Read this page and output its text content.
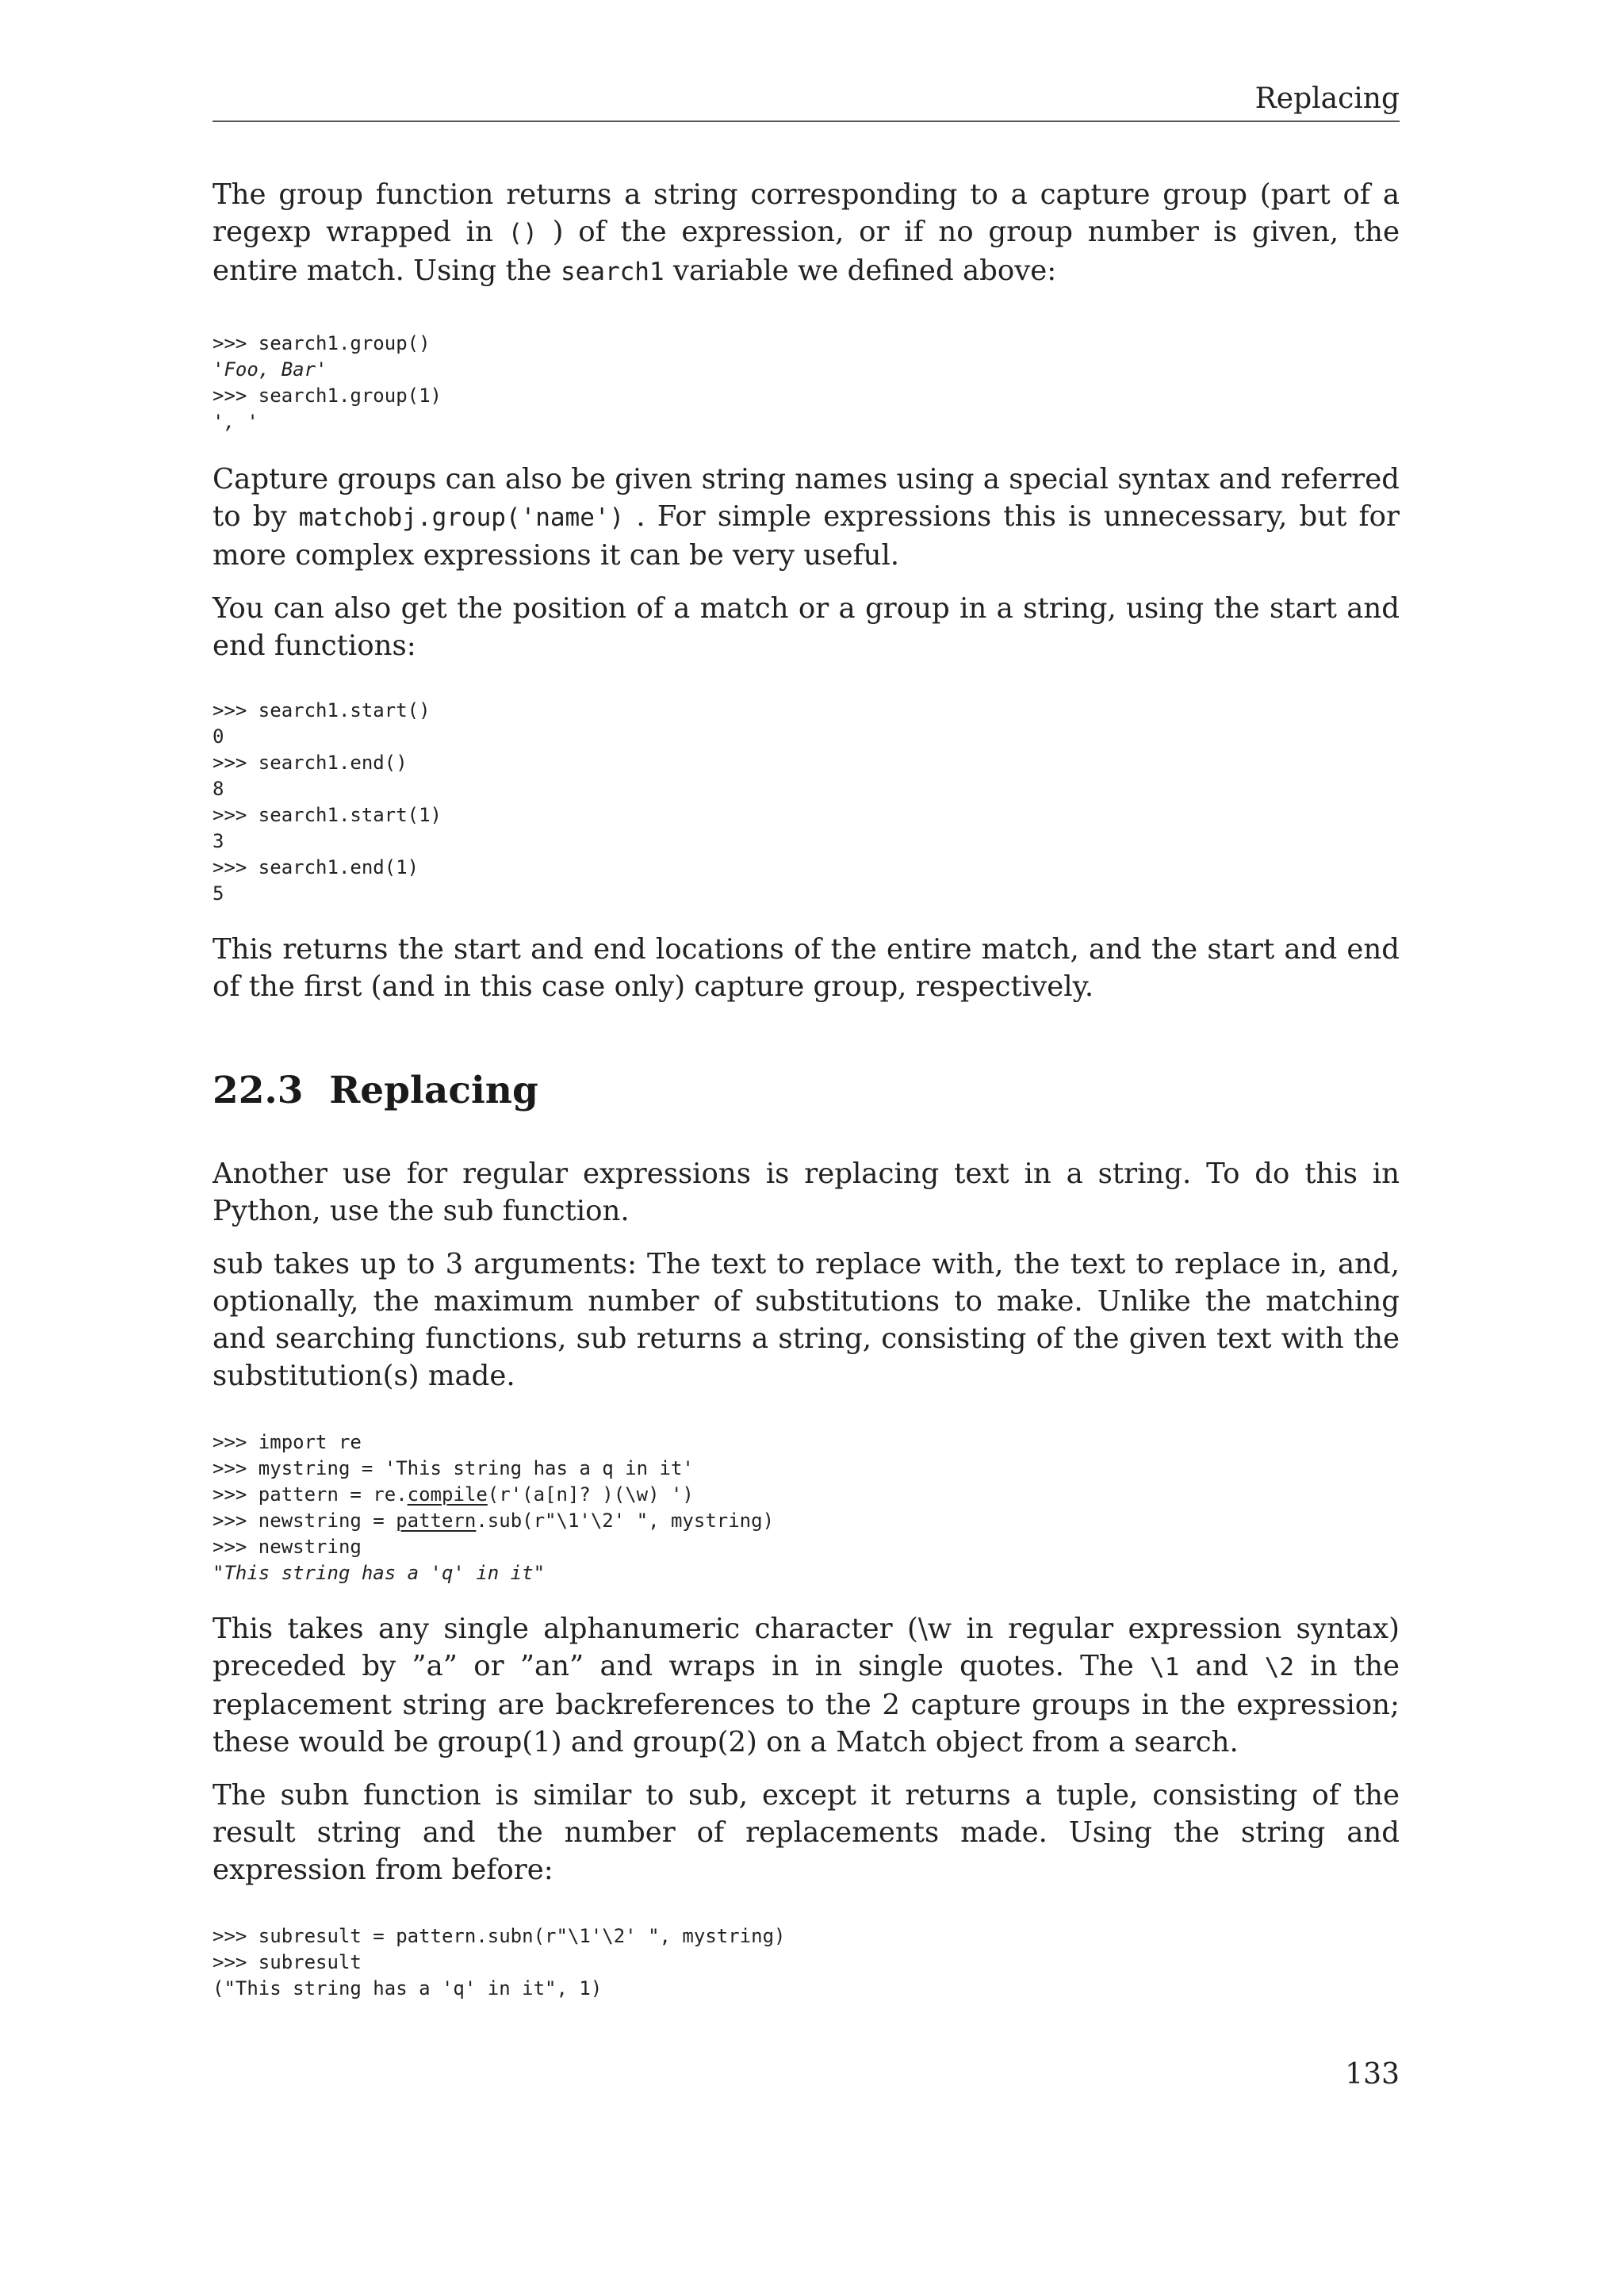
Replacing

The group function returns a string corresponding to a capture group (part of a regexp wrapped in () ) of the expression, or if no group number is given, the entire match. Using the search1 variable we defined above:

>>> search1.group()
'Foo, Bar'
>>> search1.group(1)
', '

Capture groups can also be given string names using a special syntax and referred to by matchobj.group('name') . For simple expressions this is unnecessary, but for more complex expressions it can be very useful.

You can also get the position of a match or a group in a string, using the start and end functions:

>>> search1.start()
0
>>> search1.end()
8
>>> search1.start(1)
3
>>> search1.end(1)
5

This returns the start and end locations of the entire match, and the start and end of the first (and in this case only) capture group, respectively.

22.3  Replacing

Another use for regular expressions is replacing text in a string. To do this in Python, use the sub function.

sub takes up to 3 arguments: The text to replace with, the text to replace in, and, optionally, the maximum number of substitutions to make. Unlike the matching and searching functions, sub returns a string, consisting of the given text with the substitution(s) made.

>>> import re
>>> mystring = 'This string has a q in it'
>>> pattern = re.compile(r'(a[n]? )(\w) ')
>>> newstring = pattern.sub(r"\1'\2' ", mystring)
>>> newstring
"This string has a 'q' in it"

This takes any single alphanumeric character (\w in regular expression syntax) preceded by ”a” or ”an” and wraps in in single quotes. The \1 and \2 in the replacement string are backreferences to the 2 capture groups in the expression; these would be group(1) and group(2) on a Match object from a search.

The subn function is similar to sub, except it returns a tuple, consisting of the result string and the number of replacements made. Using the string and expression from before:

>>> subresult = pattern.subn(r"\1'\2' ", mystring)
>>> subresult
("This string has a 'q' in it", 1)
133
